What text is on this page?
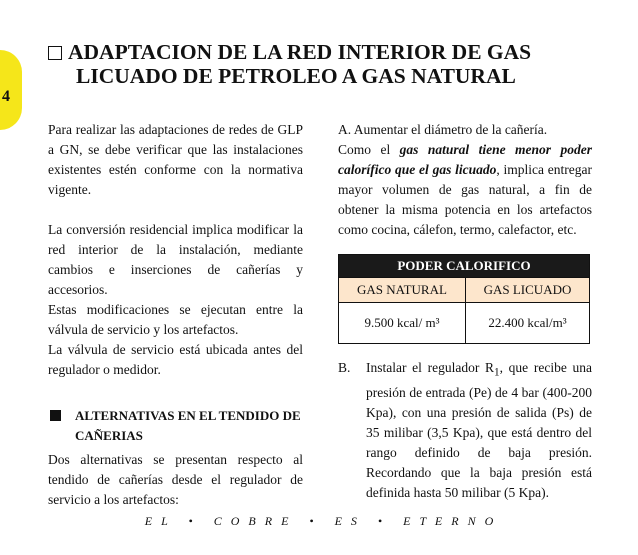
4
ADAPTACION DE LA RED INTERIOR DE GAS
LICUADO DE PETROLEO A GAS NATURAL

Para realizar las adaptaciones de redes de GLP a GN, se debe verificar que las instalaciones existentes estén conforme con la normativa vigente.

La conversión residencial implica modificar la red interior de la instalación, mediante cambios e inserciones de cañerías y accesorios.

Estas modificaciones se ejecutan entre la válvula de servicio y los artefactos.

La válvula de servicio está ubicada antes del regulador o medidor.

ALTERNATIVAS EN EL TENDIDO DE CAÑERIAS

Dos alternativas se presentan respecto al tendido de cañerías desde el regulador de servicio a los artefactos:

A. Aumentar el diámetro de la cañería.

Como el gas natural tiene menor poder calorífico que el gas licuado, implica entregar mayor volumen de gas natural, a fin de obtener la misma potencia en los artefactos como cocina, cálefon, termo, calefactor, etc.

PODER CALORIFICO	
GAS NATURAL	GAS LICUADO
9.500 kcal/ m³	22.400 kcal/m³
B.	Instalar el regulador $R_1$, que recibe una presión de entrada (Pe) de 4 bar (400-200 Kpa), con una presión de salida (Ps) de 35 milibar (3,5 Kpa), que está dentro del rango definido de baja presión. Recordando que la baja presión está definida hasta 50 milibar (5 Kpa).
E   L       •       C   O   B   R   E       •       E   S       •       E   T   E   R   N   O
